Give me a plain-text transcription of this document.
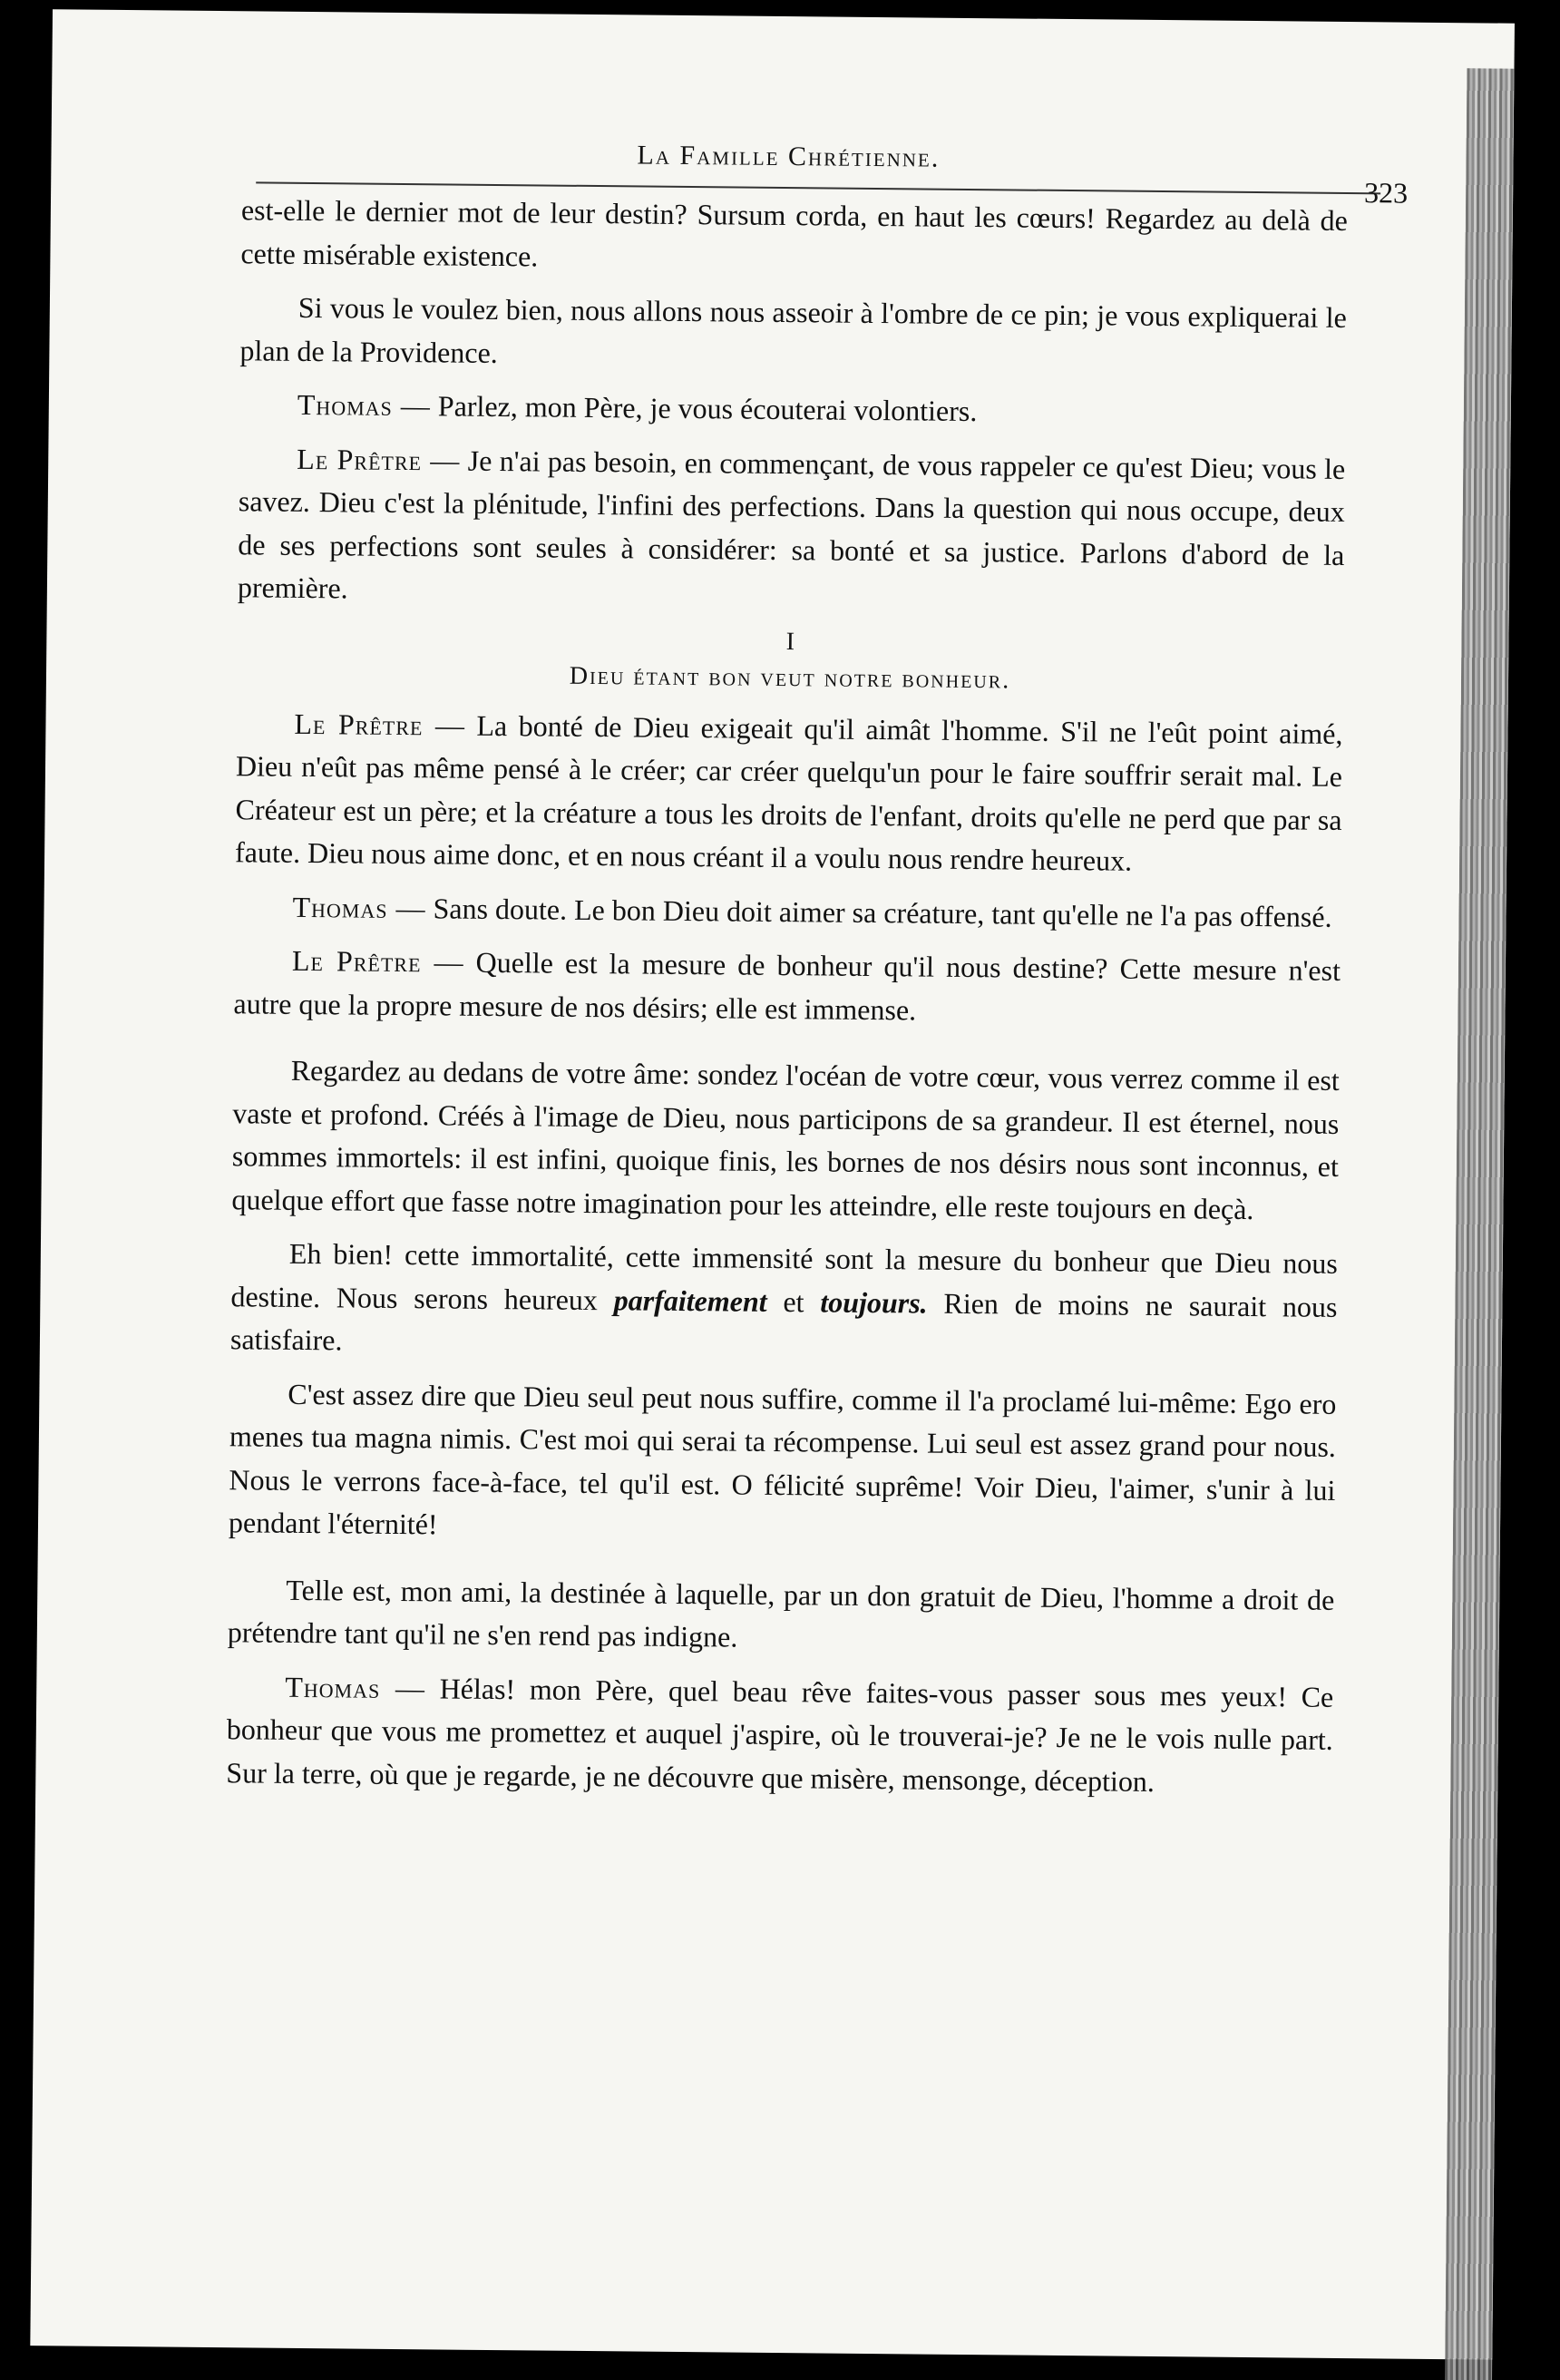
La Famille Chrétienne.
323

est-elle le dernier mot de leur destin? Sursum corda, en haut les cœurs! Regardez au delà de cette misérable existence.

Si vous le voulez bien, nous allons nous asseoir à l'ombre de ce pin; je vous expliquerai le plan de la Providence.

Thomas — Parlez, mon Père, je vous écouterai volontiers.

Le Prêtre — Je n'ai pas besoin, en commençant, de vous rappeler ce qu'est Dieu; vous le savez. Dieu c'est la plénitude, l'infini des perfections. Dans la question qui nous occupe, deux de ses perfections sont seules à considérer: sa bonté et sa justice. Parlons d'abord de la première.

I
Dieu étant bon veut notre bonheur.

Le Prêtre — La bonté de Dieu exigeait qu'il aimât l'homme. S'il ne l'eût point aimé, Dieu n'eût pas même pensé à le créer; car créer quelqu'un pour le faire souffrir serait mal. Le Créateur est un père; et la créature a tous les droits de l'enfant, droits qu'elle ne perd que par sa faute. Dieu nous aime donc, et en nous créant il a voulu nous rendre heureux.

Thomas — Sans doute. Le bon Dieu doit aimer sa créature, tant qu'elle ne l'a pas offensé.

Le Prêtre — Quelle est la mesure de bonheur qu'il nous destine? Cette mesure n'est autre que la propre mesure de nos désirs; elle est immense.

Regardez au dedans de votre âme: sondez l'océan de votre cœur, vous verrez comme il est vaste et profond. Créés à l'image de Dieu, nous participons de sa grandeur. Il est éternel, nous sommes immortels: il est infini, quoique finis, les bornes de nos désirs nous sont inconnus, et quelque effort que fasse notre imagination pour les atteindre, elle reste toujours en deçà.

Eh bien! cette immortalité, cette immensité sont la mesure du bonheur que Dieu nous destine. Nous serons heureux parfaitement et toujours. Rien de moins ne saurait nous satisfaire.

C'est assez dire que Dieu seul peut nous suffire, comme il l'a proclamé lui-même: Ego ero menes tua magna nimis. C'est moi qui serai ta récompense. Lui seul est assez grand pour nous. Nous le verrons face-à-face, tel qu'il est. O félicité suprême! Voir Dieu, l'aimer, s'unir à lui pendant l'éternité!

Telle est, mon ami, la destinée à laquelle, par un don gratuit de Dieu, l'homme a droit de prétendre tant qu'il ne s'en rend pas indigne.

Thomas — Hélas! mon Père, quel beau rêve faites-vous passer sous mes yeux! Ce bonheur que vous me promettez et auquel j'aspire, où le trouverai-je? Je ne le vois nulle part. Sur la terre, où que je regarde, je ne découvre que misère, mensonge, déception.
